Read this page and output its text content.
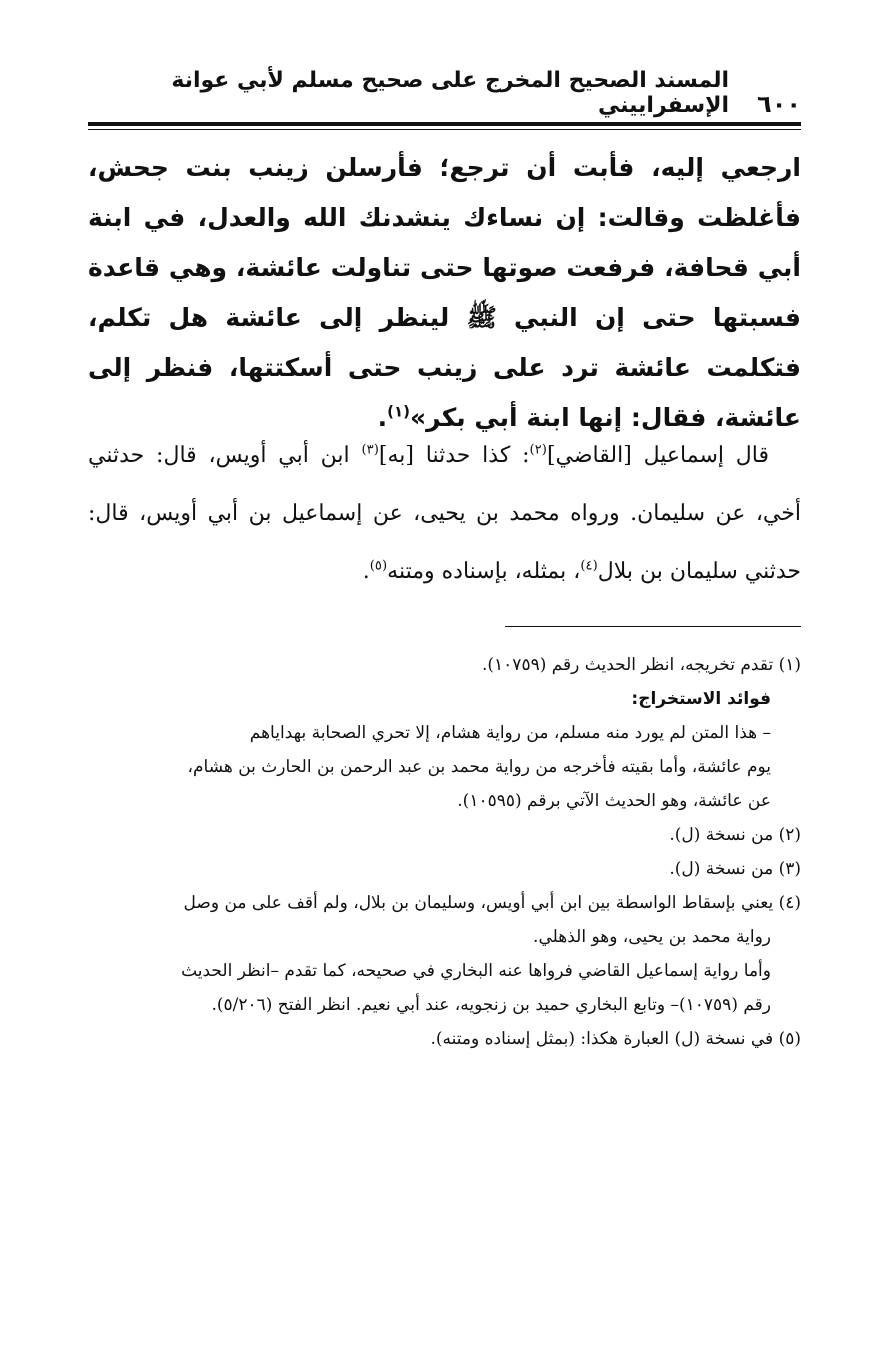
٦٠٠
المسند الصحيح المخرج على صحيح مسلم لأبي عوانة الإسفراييني

ارجعي إليه، فأبت أن ترجع؛ فأرسلن زينب بنت جحش، فأغلظت وقالت: إن نساءك ينشدنك الله والعدل، في ابنة أبي قحافة، فرفعت صوتها حتى تناولت عائشة، وهي قاعدة فسبتها حتى إن النبي ﷺ لينظر إلى عائشة هل تكلم، فتكلمت عائشة ترد على زينب حتى أسكتتها، فنظر إلى عائشة، فقال: إنها ابنة أبي بكر»$^{(١)}$.

قال إسماعيل [القاضي]$^{(٢)}$: كذا حدثنا [به]$^{(٣)}$ ابن أبي أويس، قال: حدثني أخي، عن سليمان. ورواه محمد بن يحيى، عن إسماعيل بن أبي أويس، قال: حدثني سليمان بن بلال$^{(٤)}$، بمثله، بإسناده ومتنه$^{(٥)}$.

(١) تقدم تخريجه، انظر الحديث رقم (١٠٧٥٩).

فوائد الاستخراج:

– هذا المتن لم يورد منه مسلم، من رواية هشام، إلا تحري الصحابة بهداياهم

يوم عائشة، وأما بقيته فأخرجه من رواية محمد بن عبد الرحمن بن الحارث بن هشام،

عن عائشة، وهو الحديث الآتي برقم (١٠٥٩٥).

(٢) من نسخة (ل).

(٣) من نسخة (ل).

(٤) يعني بإسقاط الواسطة بين ابن أبي أويس، وسليمان بن بلال، ولم أقف على من وصل

رواية محمد بن يحيى، وهو الذهلي.

وأما رواية إسماعيل القاضي فرواها عنه البخاري في صحيحه، كما تقدم –انظر الحديث

رقم (١٠٧٥٩)– وتابع البخاري حميد بن زنجويه، عند أبي نعيم. انظر الفتح (٥/٢٠٦).

(٥) في نسخة (ل) العبارة هكذا: (بمثل إسناده ومتنه).
